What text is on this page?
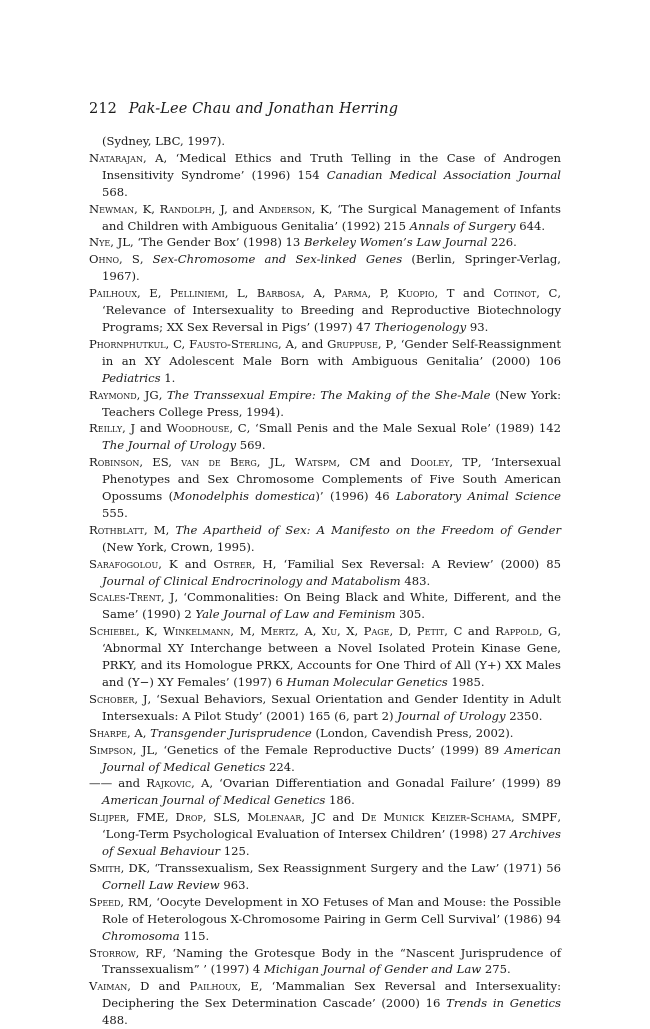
212 Pak-Lee Chau and Jonathan Herring
(Sydney, LBC, 1997).
Natarajan, A, ‘Medical Ethics and Truth Telling in the Case of Androgen Insensitivity Syndrome’ (1996) 154 Canadian Medical Association Journal 568.
Newman, K, Randolph, J, and Anderson, K, ‘The Surgical Management of Infants and Children with Ambiguous Genitalia’ (1992) 215 Annals of Surgery 644.
Nye, JL, ‘The Gender Box’ (1998) 13 Berkeley Women’s Law Journal 226.
Ohno, S, Sex-Chromosome and Sex-linked Genes (Berlin, Springer-Verlag, 1967).
Pailhoux, E, Pelliniemi, L, Barbosa, A, Parma, P, Kuopio, T and Cotinot, C, ‘Relevance of Intersexuality to Breeding and Reproductive Biotechnology Programs; XX Sex Reversal in Pigs’ (1997) 47 Theriogenology 93.
Phornphutkul, C, Fausto-Sterling, A, and Gruppuse, P, ‘Gender Self-Reassignment in an XY Adolescent Male Born with Ambiguous Genitalia’ (2000) 106 Pediatrics 1.
Raymond, JG, The Transsexual Empire: The Making of the She-Male (New York: Teachers College Press, 1994).
Reilly, J and Woodhouse, C, ‘Small Penis and the Male Sexual Role’ (1989) 142 The Journal of Urology 569.
Robinson, ES, van de Berg, JL, Watspm, CM and Dooley, TP, ‘Intersexual Phenotypes and Sex Chromosome Complements of Five South American Opossums (Monodelphis domestica)’ (1996) 46 Laboratory Animal Science 555.
Rothblatt, M, The Apartheid of Sex: A Manifesto on the Freedom of Gender (New York, Crown, 1995).
Sarafogolou, K and Ostrer, H, ‘Familial Sex Reversal: A Review’ (2000) 85 Journal of Clinical Endrocrinology and Matabolism 483.
Scales-Trent, J, ‘Commonalities: On Being Black and White, Different, and the Same’ (1990) 2 Yale Journal of Law and Feminism 305.
Schiebel, K, Winkelmann, M, Mertz, A, Xu, X, Page, D, Petit, C and Rappold, G, ‘Abnormal XY Interchange between a Novel Isolated Protein Kinase Gene, PRKY, and its Homologue PRKX, Accounts for One Third of All (Y+) XX Males and (Y−) XY Females’ (1997) 6 Human Molecular Genetics 1985.
Schober, J, ‘Sexual Behaviors, Sexual Orientation and Gender Identity in Adult Intersexuals: A Pilot Study’ (2001) 165 (6, part 2) Journal of Urology 2350.
Sharpe, A, Transgender Jurisprudence (London, Cavendish Press, 2002).
Simpson, JL, ‘Genetics of the Female Reproductive Ducts’ (1999) 89 American Journal of Medical Genetics 224.
—— and Rajkovic, A, ‘Ovarian Differentiation and Gonadal Failure’ (1999) 89 American Journal of Medical Genetics 186.
Slijper, FME, Drop, SLS, Molenaar, JC and De Munick Keizer-Schama, SMPF, ‘Long-Term Psychological Evaluation of Intersex Children’ (1998) 27 Archives of Sexual Behaviour 125.
Smith, DK, ‘Transsexualism, Sex Reassignment Surgery and the Law’ (1971) 56 Cornell Law Review 963.
Speed, RM, ‘Oocyte Development in XO Fetuses of Man and Mouse: the Possible Role of Heterologous X-Chromosome Pairing in Germ Cell Survival’ (1986) 94 Chromosoma 115.
Storrow, RF, ‘Naming the Grotesque Body in the “Nascent Jurisprudence of Transsexualism” ’ (1997) 4 Michigan Journal of Gender and Law 275.
Vaiman, D and Pailhoux, E, ‘Mammalian Sex Reversal and Intersexuality: Deciphering the Sex Determination Cascade’ (2000) 16 Trends in Genetics 488.
